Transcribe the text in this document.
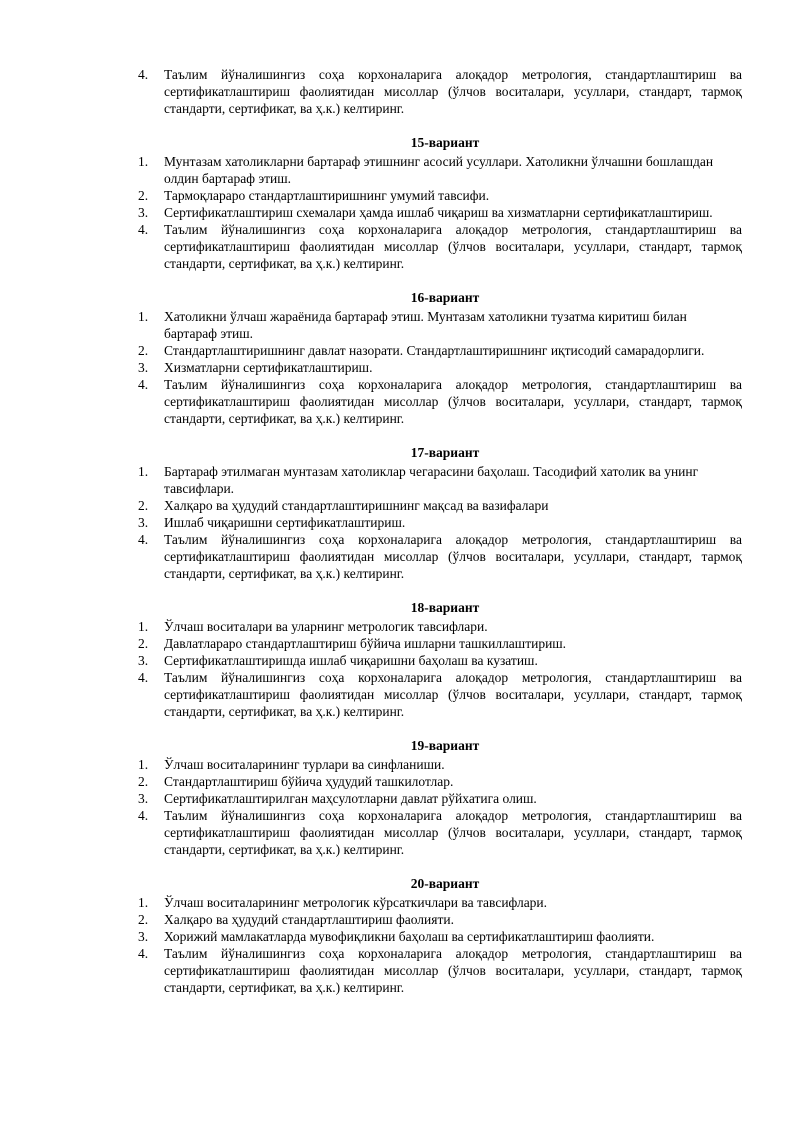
4. Таълим йўналишингиз соҳа корхоналарига алоқадор метрология, стандартлаштириш ва сертификатлаштириш фаолиятидан мисоллар (ўлчов воситалари, усуллари, стандарт, тармоқ стандарти, сертификат, ва ҳ.к.) келтиринг.
15-вариант
1. Мунтазам хатоликларни бартараф этишнинг асосий усуллари. Хатоликни ўлчашни бошлашдан олдин бартараф этиш.
2. Тармоқлараро стандартлаштиришнинг умумий тавсифи.
3. Сертификатлаштириш схемалари ҳамда ишлаб чиқариш ва хизматларни сертификатлаштириш.
4. Таълим йўналишингиз соҳа корхоналарига алоқадор метрология, стандартлаштириш ва сертификатлаштириш фаолиятидан мисоллар (ўлчов воситалари, усуллари, стандарт, тармоқ стандарти, сертификат, ва ҳ.к.) келтиринг.
16-вариант
1. Хатоликни ўлчаш жараёнида бартараф этиш. Мунтазам хатоликни тузатма киритиш билан бартараф этиш.
2. Стандартлаштиришнинг давлат назорати. Стандартлаштиришнинг иқтисодий самарадорлиги.
3. Хизматларни сертификатлаштириш.
4. Таълим йўналишингиз соҳа корхоналарига алоқадор метрология, стандартлаштириш ва сертификатлаштириш фаолиятидан мисоллар (ўлчов воситалари, усуллари, стандарт, тармоқ стандарти, сертификат, ва ҳ.к.) келтиринг.
17-вариант
1. Бартараф этилмаган мунтазам хатоликлар чегарасини баҳолаш. Тасодифий хатолик ва унинг тавсифлари.
2. Халқаро ва ҳудудий стандартлаштиришнинг мақсад ва вазифалари
3. Ишлаб чиқаришни сертификатлаштириш.
4. Таълим йўналишингиз соҳа корхоналарига алоқадор метрология, стандартлаштириш ва сертификатлаштириш фаолиятидан мисоллар (ўлчов воситалари, усуллари, стандарт, тармоқ стандарти, сертификат, ва ҳ.к.) келтиринг.
18-вариант
1. Ўлчаш воситалари ва уларнинг метрологик тавсифлари.
2. Давлатлараро стандартлаштириш бўйича ишларни ташкиллаштириш.
3. Сертификатлаштиришда ишлаб чиқаришни баҳолаш ва кузатиш.
4. Таълим йўналишингиз соҳа корхоналарига алоқадор метрология, стандартлаштириш ва сертификатлаштириш фаолиятидан мисоллар (ўлчов воситалари, усуллари, стандарт, тармоқ стандарти, сертификат, ва ҳ.к.) келтиринг.
19-вариант
1. Ўлчаш воситаларининг турлари ва синфланиши.
2. Стандартлаштириш бўйича ҳудудий ташкилотлар.
3. Сертификатлаштирилган маҳсулотларни давлат рўйхатига олиш.
4. Таълим йўналишингиз соҳа корхоналарига алоқадор метрология, стандартлаштириш ва сертификатлаштириш фаолиятидан мисоллар (ўлчов воситалари, усуллари, стандарт, тармоқ стандарти, сертификат, ва ҳ.к.) келтиринг.
20-вариант
1. Ўлчаш воситаларининг метрологик кўрсаткичлари ва тавсифлари.
2. Халқаро ва ҳудудий стандартлаштириш фаолияти.
3. Хорижий мамлакатларда мувофиқликни баҳолаш ва сертификатлаштириш фаолияти.
4. Таълим йўналишингиз соҳа корхоналарига алоқадор метрология, стандартлаштириш ва сертификатлаштириш фаолиятидан мисоллар (ўлчов воситалари, усуллари, стандарт, тармоқ стандарти, сертификат, ва ҳ.к.) келтиринг.
